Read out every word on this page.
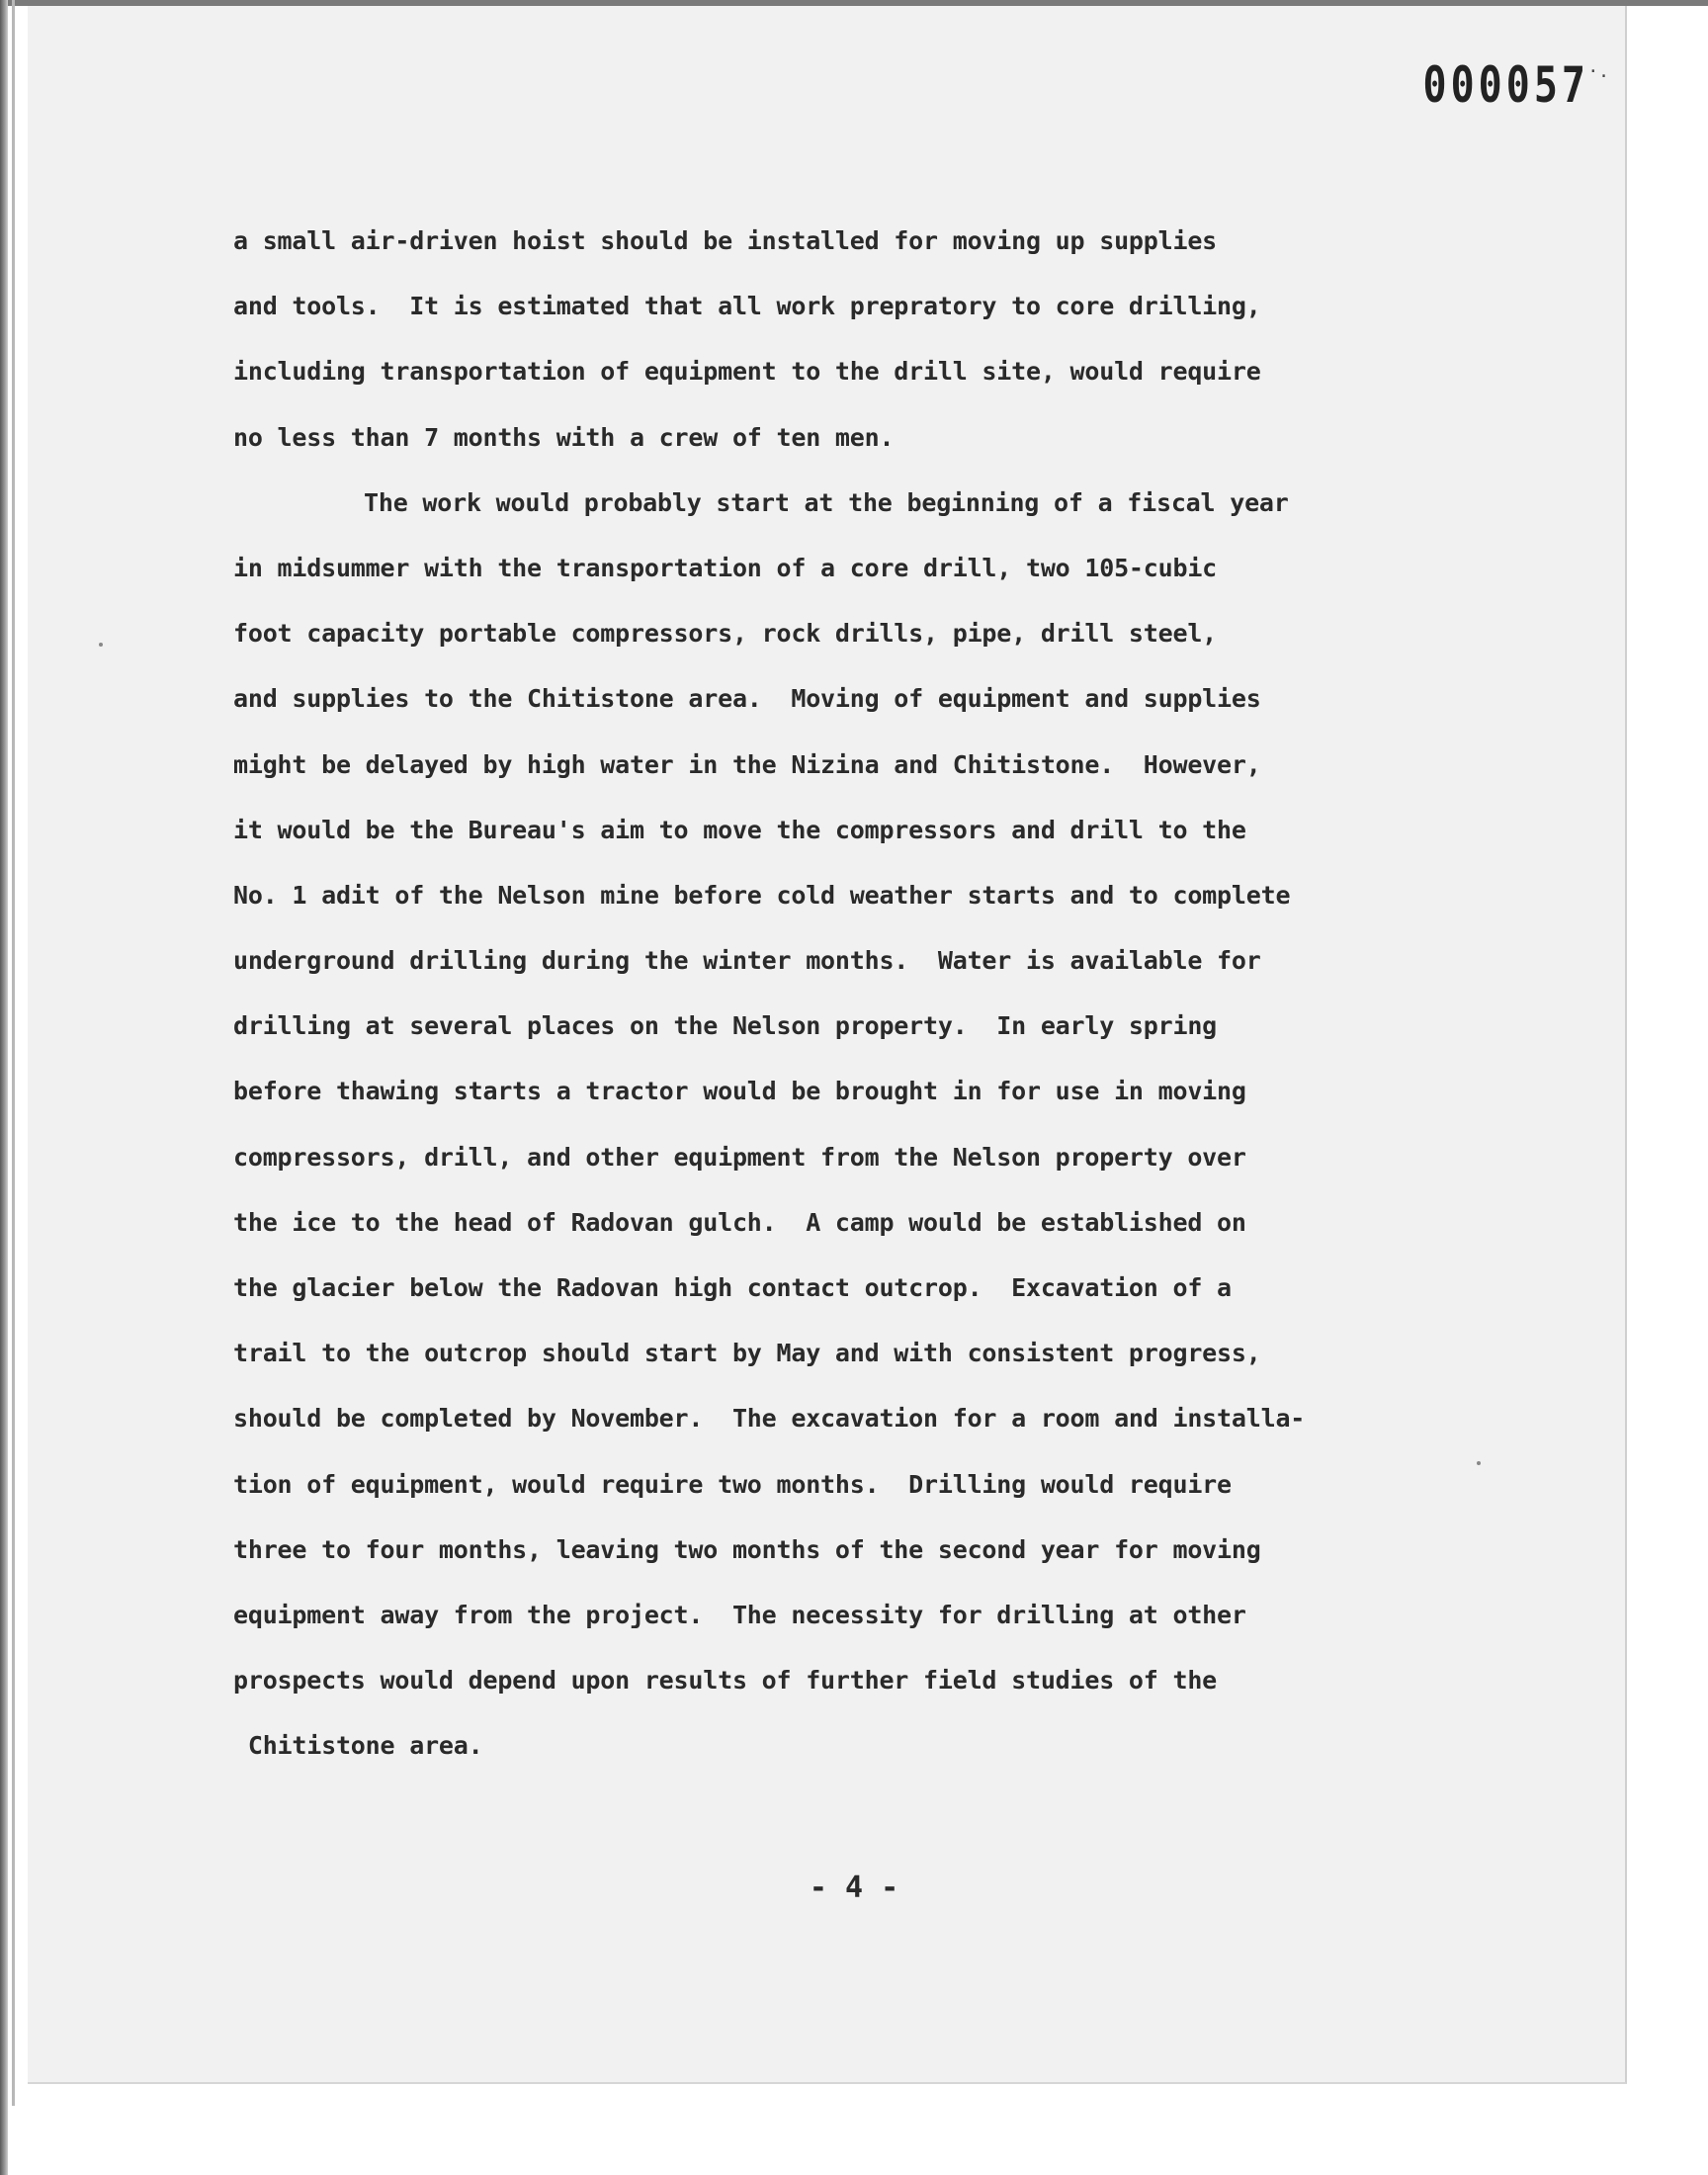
000057
·.
a small air-driven hoist should be installed for moving up supplies
and tools.  It is estimated that all work prepratory to core drilling,
including transportation of equipment to the drill site, would require
no less than 7 months with a crew of ten men.
The work would probably start at the beginning of a fiscal year
in midsummer with the transportation of a core drill, two 105-cubic
foot capacity portable compressors, rock drills, pipe, drill steel,
and supplies to the Chitistone area.  Moving of equipment and supplies
might be delayed by high water in the Nizina and Chitistone.  However,
it would be the Bureau's aim to move the compressors and drill to the
No. 1 adit of the Nelson mine before cold weather starts and to complete
underground drilling during the winter months.  Water is available for
drilling at several places on the Nelson property.  In early spring
before thawing starts a tractor would be brought in for use in moving
compressors, drill, and other equipment from the Nelson property over
the ice to the head of Radovan gulch.  A camp would be established on
the glacier below the Radovan high contact outcrop.  Excavation of a
trail to the outcrop should start by May and with consistent progress,
should be completed by November.  The excavation for a room and installa-
tion of equipment, would require two months.  Drilling would require
three to four months, leaving two months of the second year for moving
equipment away from the project.  The necessity for drilling at other
prospects would depend upon results of further field studies of the
Chitistone area.
- 4 -
